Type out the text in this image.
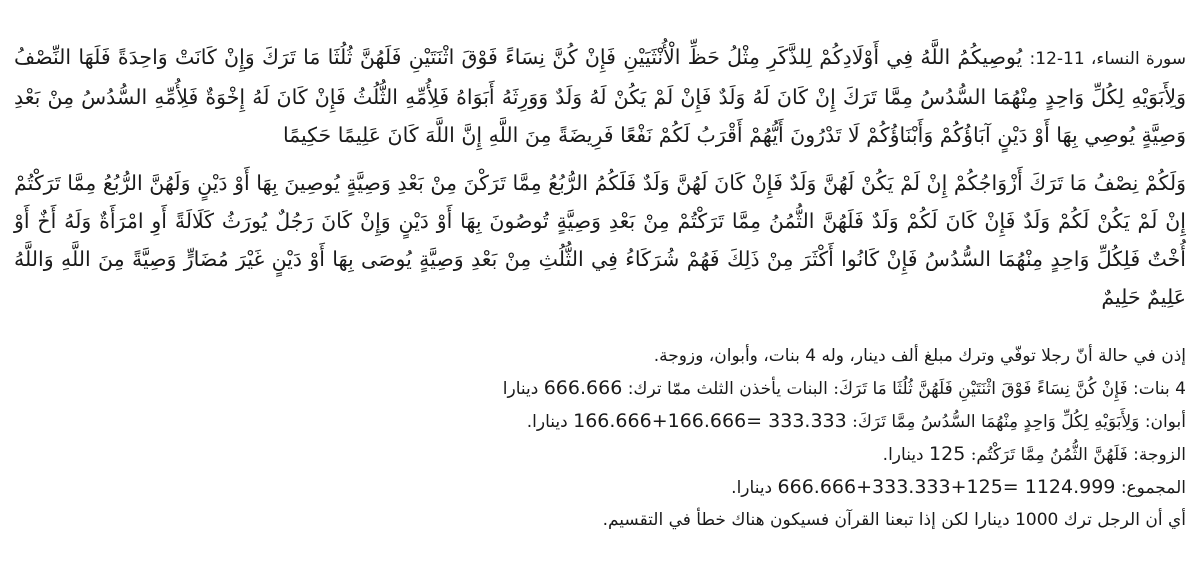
سورة النساء، 11-12: يُوصِيكُمُ اللَّهُ فِي أَوْلَادِكُمْ لِلذَّكَرِ مِثْلُ حَظِّ الْأُنْثَيَيْنِ فَإِنْ كُنَّ نِسَاءً فَوْقَ اثْنَتَيْنِ فَلَهُنَّ ثُلُثَا مَا تَرَكَ وَإِنْ كَانَتْ وَاحِدَةً فَلَهَا النِّصْفُ وَلِأَبَوَيْهِ لِكُلِّ وَاحِدٍ مِنْهُمَا السُّدُسُ مِمَّا تَرَكَ إِنْ كَانَ لَهُ وَلَدٌ فَإِنْ لَمْ يَكُنْ لَهُ وَلَدٌ وَوَرِثَهُ أَبَوَاهُ فَلِأُمِّهِ الثُّلُثُ فَإِنْ كَانَ لَهُ إِخْوَةٌ فَلِأُمِّهِ السُّدُسُ مِنْ بَعْدِ وَصِيَّةٍ يُوصِي بِهَا أَوْ دَيْنٍ آبَاؤُكُمْ وَأَبْنَاؤُكُمْ لَا تَدْرُونَ أَيُّهُمْ أَقْرَبُ لَكُمْ نَفْعًا فَرِيضَةً مِنَ اللَّهِ إِنَّ اللَّهَ كَانَ عَلِيمًا حَكِيمًا

وَلَكُمْ نِصْفُ مَا تَرَكَ أَزْوَاجُكُمْ إِنْ لَمْ يَكُنْ لَهُنَّ وَلَدٌ فَإِنْ كَانَ لَهُنَّ وَلَدٌ فَلَكُمُ الرُّبُعُ مِمَّا تَرَكْنَ مِنْ بَعْدِ وَصِيَّةٍ يُوصِينَ بِهَا أَوْ دَيْنٍ وَلَهُنَّ الرُّبُعُ مِمَّا تَرَكْتُمْ إِنْ لَمْ يَكُنْ لَكُمْ وَلَدٌ فَإِنْ كَانَ لَكُمْ وَلَدٌ فَلَهُنَّ الثُّمُنُ مِمَّا تَرَكْتُمْ مِنْ بَعْدِ وَصِيَّةٍ تُوصُونَ بِهَا أَوْ دَيْنٍ وَإِنْ كَانَ رَجُلٌ يُورَثُ كَلَالَةً أَوِ امْرَأَةٌ وَلَهُ أَخٌ أَوْ أُخْتٌ فَلِكُلِّ وَاحِدٍ مِنْهُمَا السُّدُسُ فَإِنْ كَانُوا أَكْثَرَ مِنْ ذَلِكَ فَهُمْ شُرَكَاءُ فِي الثُّلُثِ مِنْ بَعْدِ وَصِيَّةٍ يُوصَى بِهَا أَوْ دَيْنٍ غَيْرَ مُضَارٍّ وَصِيَّةً مِنَ اللَّهِ وَاللَّهُ عَلِيمٌ حَلِيمٌ

إذن في حالة أنّ رجلا توفّي وترك مبلغ ألف دينار، وله 4 بنات، وأبوان، وزوجة.
4 بنات: فَإِنْ كُنَّ نِسَاءً فَوْقَ اثْنَتَيْنِ فَلَهُنَّ ثُلُثَا مَا تَرَكَ: البنات يأخذن الثلث ممّا ترك: 666.666 دينارا
أبوان: وَلِأَبَوَيْهِ لِكُلِّ وَاحِدٍ مِنْهُمَا السُّدُسُ مِمَّا تَرَكَ: 166.666+166.666= 333.333 دينارا.
الزوجة: فَلَهُنَّ الثُّمُنُ مِمَّا تَرَكْتُم: 125 دينارا.
المجموع: 666.666+333.333+125= 1124.999 دينارا.
أي أن الرجل ترك 1000 دينارا لكن إذا تبعنا القرآن فسيكون هناك خطأ في التقسيم.
